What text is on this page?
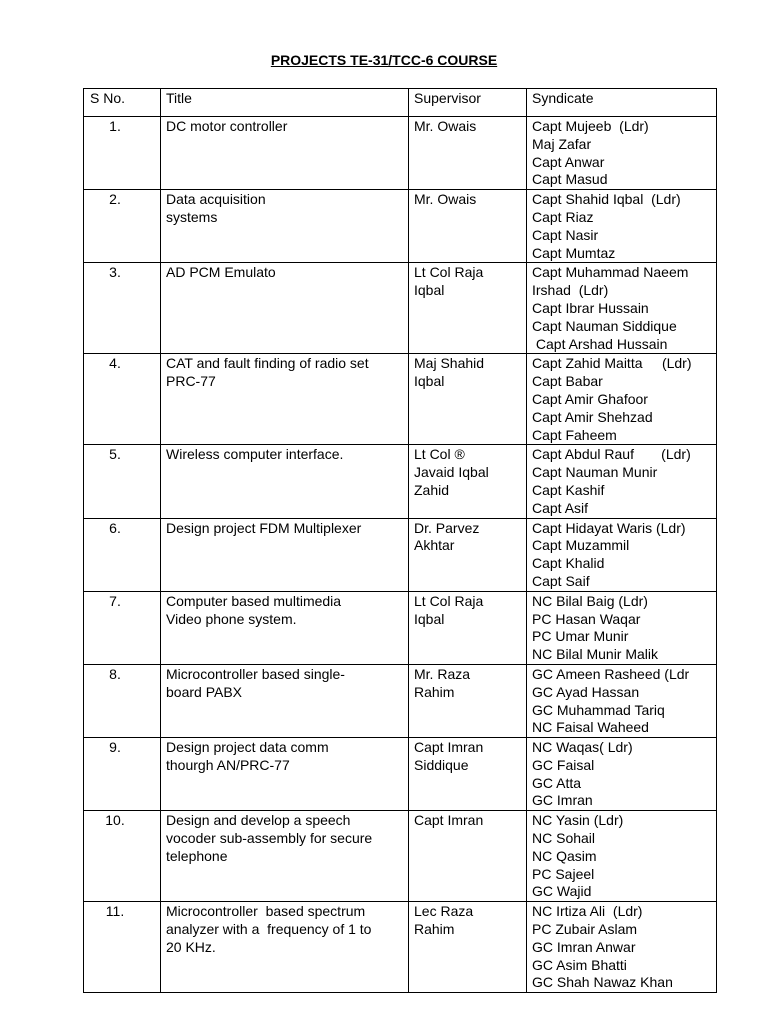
PROJECTS TE-31/TCC-6 COURSE
S No.	Title	Supervisor	Syndicate
1.	DC motor controller	Mr. Owais	Capt Mujeeb  (Ldr)
Maj Zafar
Capt Anwar
Capt Masud

2.	Data acquisition
systems	Mr. Owais	Capt Shahid Iqbal  (Ldr)
Capt Riaz
Capt Nasir
Capt Mumtaz

3.	AD PCM Emulato	Lt Col Raja
Iqbal	Capt Muhammad Naeem
Irshad  (Ldr)
Capt Ibrar Hussain
Capt Nauman Siddique
Capt Arshad Hussain

4.	CAT and fault finding of radio set
PRC-77	Maj Shahid
Iqbal	Capt Zahid Maitta     (Ldr)
Capt Babar
Capt Amir Ghafoor
Capt Amir Shehzad
Capt Faheem

5.	Wireless computer interface.	Lt Col ®
Javaid Iqbal
Zahid	Capt Abdul Rauf       (Ldr)
Capt Nauman Munir
Capt Kashif
Capt Asif

6.	Design project FDM Multiplexer	Dr. Parvez
Akhtar	Capt Hidayat Waris (Ldr)
Capt Muzammil
Capt Khalid
Capt Saif

7.	Computer based multimedia
Video phone system.	Lt Col Raja
Iqbal	NC Bilal Baig (Ldr)
PC Hasan Waqar
PC Umar Munir
NC Bilal Munir Malik

8.	Microcontroller based single-
board PABX	Mr. Raza
Rahim	GC Ameen Rasheed (Ldr
GC Ayad Hassan
GC Muhammad Tariq
NC Faisal Waheed

9.	Design project data comm
thourgh AN/PRC-77	Capt Imran
Siddique	NC Waqas( Ldr)
GC Faisal
GC Atta
GC Imran

10.	Design and develop a speech
vocoder sub-assembly for secure
telephone	Capt Imran	NC Yasin (Ldr)
NC Sohail
NC Qasim
PC Sajeel
GC Wajid

11.	Microcontroller  based spectrum
analyzer with a  frequency of 1 to
20 KHz.	Lec Raza
Rahim	NC Irtiza Ali  (Ldr)
PC Zubair Aslam
GC Imran Anwar
GC Asim Bhatti
GC Shah Nawaz Khan
